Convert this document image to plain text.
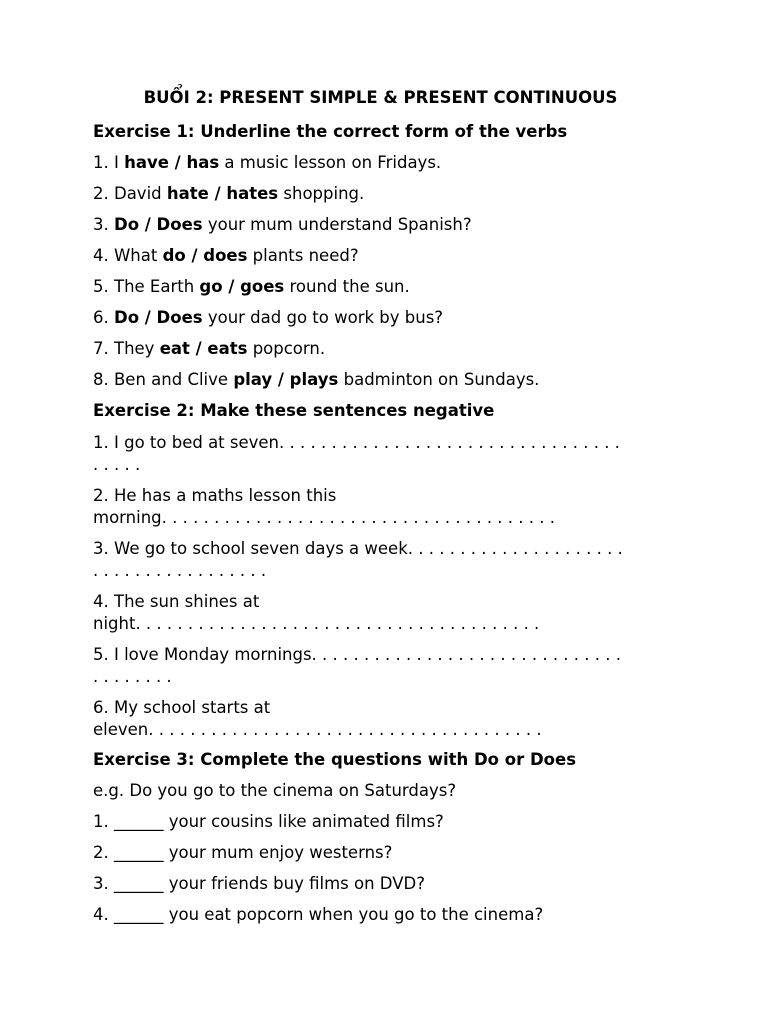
BUỔI 2: PRESENT SIMPLE & PRESENT CONTINUOUS
Exercise 1: Underline the correct form of the verbs
1. I have / has a music lesson on Fridays.
2. David hate / hates shopping.
3. Do / Does your mum understand Spanish?
4. What do / does plants need?
5. The Earth go / goes round the sun.
6. Do / Does your dad go to work by bus?
7. They eat / eats popcorn.
8. Ben and Clive play / plays badminton on Sundays.
Exercise 2: Make these sentences negative
1. I go to bed at seven. . . . . . . . . . . . . . . . . . . . . . . . . . . . . . . . .
. . . . .
2. He has a maths lesson this
morning. . . . . . . . . . . . . . . . . . . . . . . . . . . . . . . . . . . . . .
3. We go to school seven days a week. . . . . . . . . . . . . . . . . . . . .
. . . . . . . . . . . . . . . . .
4. The sun shines at
night. . . . . . . . . . . . . . . . . . . . . . . . . . . . . . . . . . . . . . .
5. I love Monday mornings. . . . . . . . . . . . . . . . . . . . . . . . . . . . . .
. . . . . . . .
6. My school starts at
eleven. . . . . . . . . . . . . . . . . . . . . . . . . . . . . . . . . . . . . .
Exercise 3: Complete the questions with Do or Does
e.g. Do you go to the cinema on Saturdays?
1. ______ your cousins like animated films?
2. ______ your mum enjoy westerns?
3. ______ your friends buy films on DVD?
4. ______ you eat popcorn when you go to the cinema?
